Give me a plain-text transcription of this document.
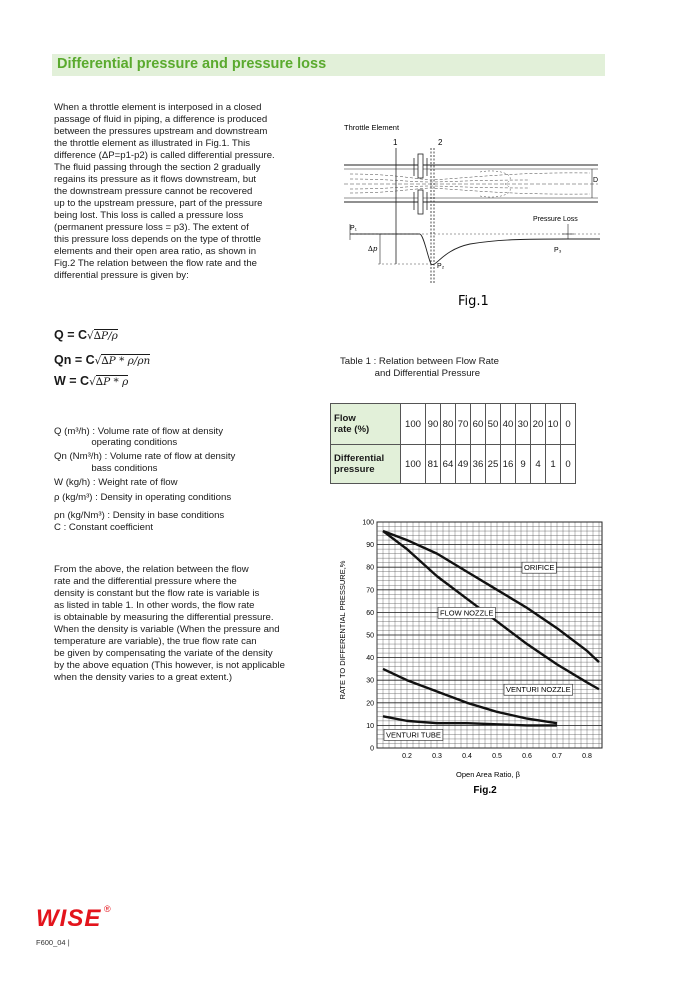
Differential pressure and pressure loss
When a throttle element is interposed in a closed
passage of fluid in piping, a difference is produced
between the pressures upstream and downstream
the throttle element as illustrated in Fig.1. This
difference (ΔP=p1-p2) is called differential pressure.
The fluid passing through the section 2 gradually
regains its pressure as it flows downstream, but
the downstream pressure cannot be recovered
up to the upstream pressure, part of the pressure
being lost. This loss is called a pressure loss
(permanent pressure loss = p3). The extent of
this pressure loss depends on the type of throttle
elements and their open area ratio, as shown in
Fig.2 The relation between the flow rate and the
differential pressure is given by:
Q = C√∆P/ρ
Qn = C√∆P * ρ/ρn
W = C√∆P * ρ
Q (m³/h) : Volume rate of flow at density
operating conditions
Qn (Nm³/h) : Volume rate of flow at density
bass conditions
W (kg/h) : Weight rate of flow
ρ (kg/m³) : Density in operating conditions
ρn (kg/Nm³) : Density in base conditions
C : Constant coefficient
From the above, the relation between the flow
rate and the differential pressure where the
density is constant but the flow rate is variable is
as listed in table 1. In other words, the flow rate
is obtainable by measuring the differential pressure.
When the density is variable (When the pressure and
temperature are variable), the true flow rate can
be given by compensating the variate of the density
by the above equation (This however, is not applicable
when the density varies to a great extent.)
Throttle Element
1	2
D
Pressure Loss
P₁
P₃
P₂
∆p
Fig.1
Table 1 : Relation between Flow Rate
and Differential Pressure
Flow
rate (%)	100	90	80	70	60	50	40	30	20	10	0
Differential
pressure	100	81	64	49	36	25	16	9	4	1	0
ORIFICE
FLOW NOZZLE
VENTURI NOZZLE
VENTURI TUBE
0
10
20
30
40
50
60
70
80
90
100
0.2	0.3	0.4	0.5	0.6	0.7	0.8
RATE TO DIFFERENTIAL PRESSURE,%
Open Area Ratio, β
Fig.2
WISE ®
F600_04 |
